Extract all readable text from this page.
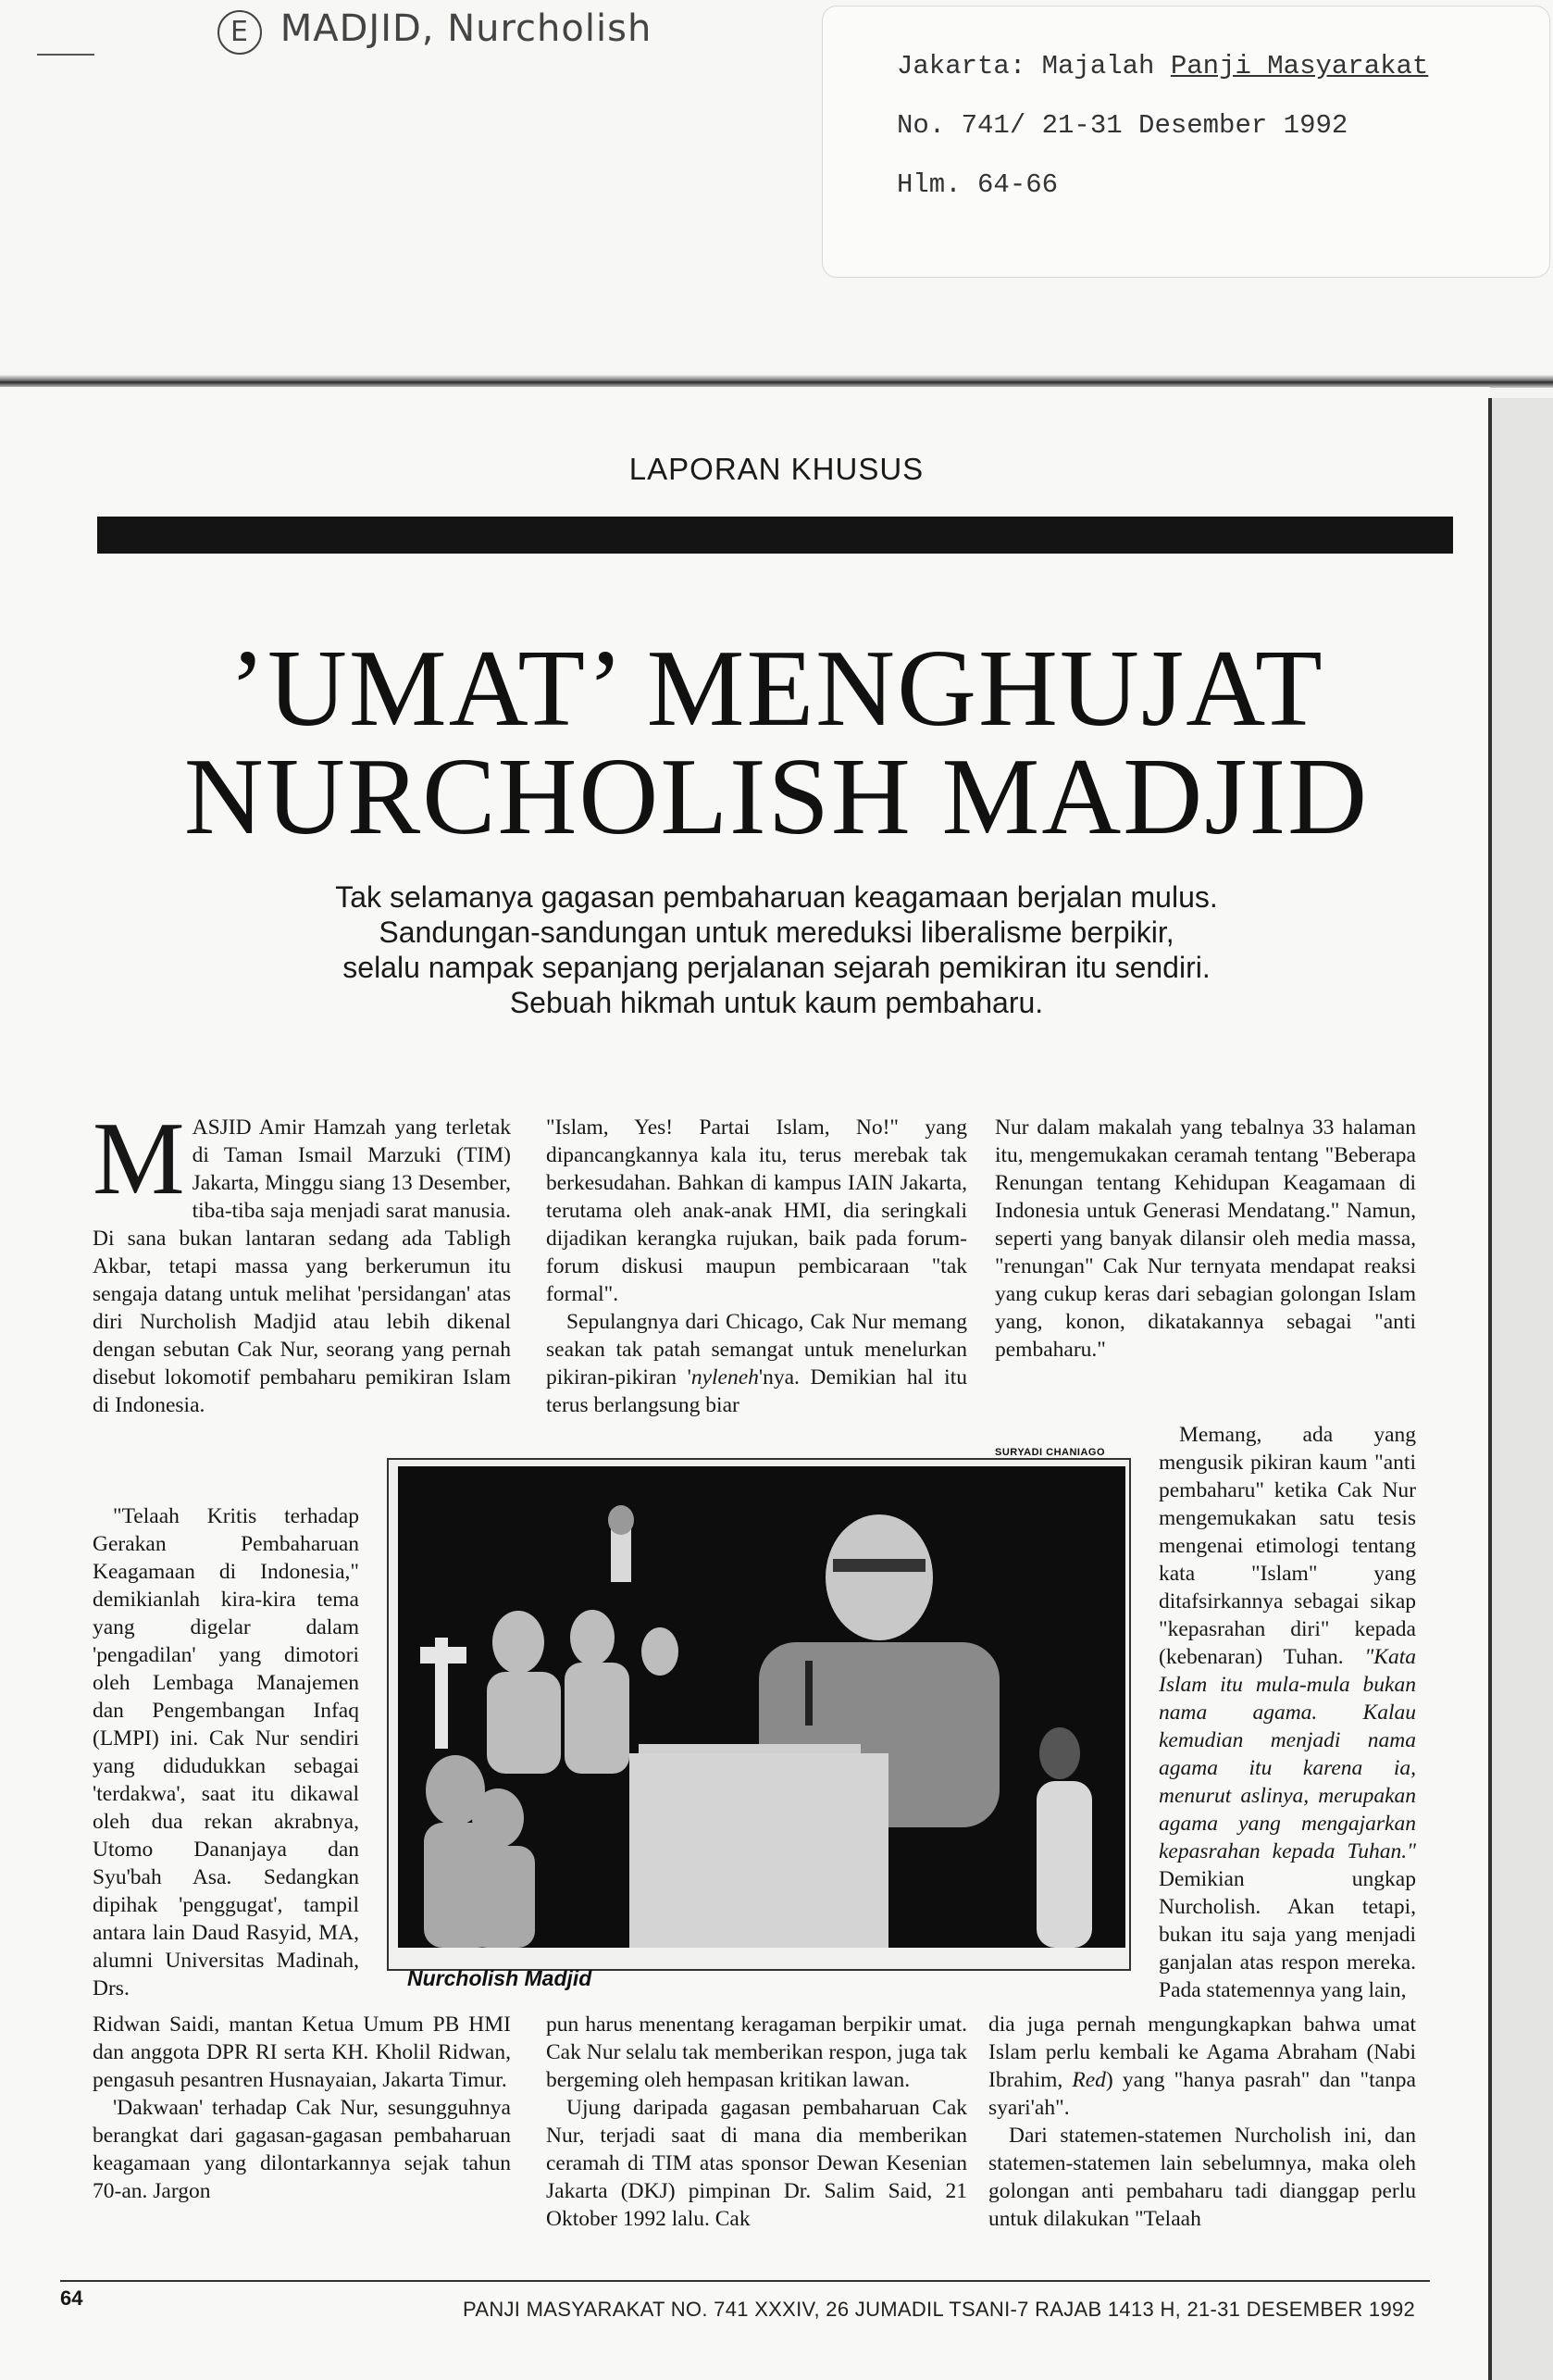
E MADJID, Nurcholish
Jakarta: Majalah Panji Masyarakat
No. 741/ 21-31 Desember 1992
Hlm. 64-66
LAPORAN KHUSUS
’UMAT’ MENGHUJAT
NURCHOLISH MADJID
Tak selamanya gagasan pembaharuan keagamaan berjalan mulus.
Sandungan-sandungan untuk mereduksi liberalisme berpikir,
selalu nampak sepanjang perjalanan sejarah pemikiran itu sendiri.
Sebuah hikmah untuk kaum pembaharu.

MASJID Amir Hamzah yang terletak di Taman Ismail Marzuki (TIM) Jakarta, Minggu siang 13 Desember, tiba-tiba saja menjadi sarat manusia. Di sana bukan lantaran sedang ada Tabligh Akbar, tetapi massa yang berkerumun itu sengaja datang untuk melihat 'persidangan' atas diri Nurcholish Madjid atau lebih dikenal dengan sebutan Cak Nur, seorang yang pernah disebut lokomotif pembaharu pemikiran Islam di Indonesia.

"Telaah Kritis terhadap Gerakan Pembaharuan Keagamaan di Indonesia," demikianlah kira-kira tema yang digelar dalam 'pengadilan' yang dimotori oleh Lembaga Manajemen dan Pengembangan Infaq (LMPI) ini. Cak Nur sendiri yang didudukkan sebagai 'terdakwa', saat itu dikawal oleh dua rekan akrabnya, Utomo Dananjaya dan Syu'bah Asa. Sedangkan dipihak 'penggugat', tampil antara lain Daud Rasyid, MA, alumni Universitas Madinah, Drs.

Ridwan Saidi, mantan Ketua Umum PB HMI dan anggota DPR RI serta KH. Kholil Ridwan, pengasuh pesantren Husnayaian, Jakarta Timur.

'Dakwaan' terhadap Cak Nur, sesungguhnya berangkat dari gagasan-gagasan pembaharuan keagamaan yang dilontarkannya sejak tahun 70-an. Jargon

"Islam, Yes! Partai Islam, No!" yang dipancangkannya kala itu, terus merebak tak berkesudahan. Bahkan di kampus IAIN Jakarta, terutama oleh anak-anak HMI, dia seringkali dijadikan kerangka rujukan, baik pada forum-forum diskusi maupun pembicaraan "tak formal".

Sepulangnya dari Chicago, Cak Nur memang seakan tak patah semangat untuk menelurkan pikiran-pikiran 'nyleneh'nya. Demikian hal itu terus berlangsung biar

pun harus menentang keragaman berpikir umat. Cak Nur selalu tak memberikan respon, juga tak bergeming oleh hempasan kritikan lawan.

Ujung daripada gagasan pembaharuan Cak Nur, terjadi saat di mana dia memberikan ceramah di TIM atas sponsor Dewan Kesenian Jakarta (DKJ) pimpinan Dr. Salim Said, 21 Oktober 1992 lalu. Cak

Nur dalam makalah yang tebalnya 33 halaman itu, mengemukakan ceramah tentang "Beberapa Renungan tentang Kehidupan Keagamaan di Indonesia untuk Generasi Mendatang." Namun, seperti yang banyak dilansir oleh media massa, "renungan" Cak Nur ternyata mendapat reaksi yang cukup keras dari sebagian golongan Islam yang, konon, dikatakannya sebagai "anti pembaharu."

Memang, ada yang mengusik pikiran kaum "anti pembaharu" ketika Cak Nur mengemukakan satu tesis mengenai etimologi tentang kata "Islam" yang ditafsirkannya sebagai sikap "kepasrahan diri" kepada (kebenaran) Tuhan. "Kata Islam itu mula-mula bukan nama agama. Kalau kemudian menjadi nama agama itu karena ia, menurut aslinya, merupakan agama yang mengajarkan kepasrahan kepada Tuhan." Demikian ungkap Nurcholish. Akan tetapi, bukan itu saja yang menjadi ganjalan atas respon mereka. Pada statemennya yang lain,

dia juga pernah mengungkapkan bahwa umat Islam perlu kembali ke Agama Abraham (Nabi Ibrahim, Red) yang "hanya pasrah" dan "tanpa syari'ah".

Dari statemen-statemen Nurcholish ini, dan statemen-statemen lain sebelumnya, maka oleh golongan anti pembaharu tadi dianggap perlu untuk dilakukan "Telaah

SURYADI CHANIAGO
Nurcholish Madjid
64	PANJI MASYARAKAT NO. 741 XXXIV, 26 JUMADIL TSANI-7 RAJAB 1413 H, 21-31 DESEMBER 1992
